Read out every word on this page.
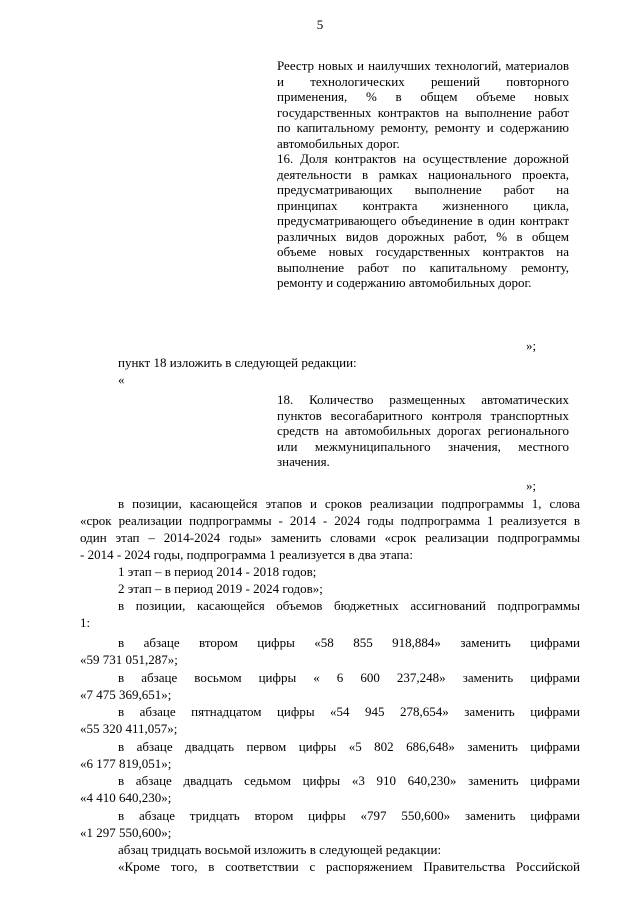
5
Реестр новых и наилучших технологий, материалов и технологических решений повторного применения, % в общем объеме новых государственных контрактов на выполнение работ по капитальному ремонту, ремонту и содержанию автомобильных дорог.
16. Доля контрактов на осуществление дорожной деятельности в рамках национального проекта, предусматривающих выполнение работ на принципах контракта жизненного цикла, предусматривающего объединение в один контракт различных видов дорожных работ, % в общем объеме новых государственных контрактов на выполнение работ по капитальному ремонту, ремонту и содержанию автомобильных дорог.
»;
пункт 18 изложить в следующей редакции:
«
18. Количество размещенных автоматических пунктов весогабаритного контроля транспортных средств на автомобильных дорогах регионального или межмуниципального значения, местного значения.
»;
в позиции, касающейся этапов и сроков реализации подпрограммы 1, слова
«срок реализации подпрограммы - 2014 - 2024 годы подпрограмма 1 реализуется в
один этап – 2014-2024 годы» заменить словами «срок реализации подпрограммы
- 2014 - 2024 годы, подпрограмма 1 реализуется в два этапа:
1 этап – в период 2014 - 2018 годов;
2 этап – в период 2019 - 2024 годов»;
в позиции, касающейся объемов бюджетных ассигнований подпрограммы
1:
в абзаце втором цифры «58 855 918,884» заменить цифрами
«59 731 051,287»;
в абзаце восьмом цифры « 6 600 237,248» заменить цифрами
«7 475 369,651»;
в абзаце пятнадцатом цифры «54 945 278,654» заменить цифрами
«55 320 411,057»;
в абзаце двадцать первом цифры «5 802 686,648» заменить цифрами
«6 177 819,051»;
в абзаце двадцать седьмом цифры «3 910 640,230» заменить цифрами
«4 410 640,230»;
в абзаце тридцать втором цифры «797 550,600» заменить цифрами
«1 297 550,600»;
абзац тридцать восьмой изложить в следующей редакции:
«Кроме того, в соответствии с распоряжением Правительства Российской
